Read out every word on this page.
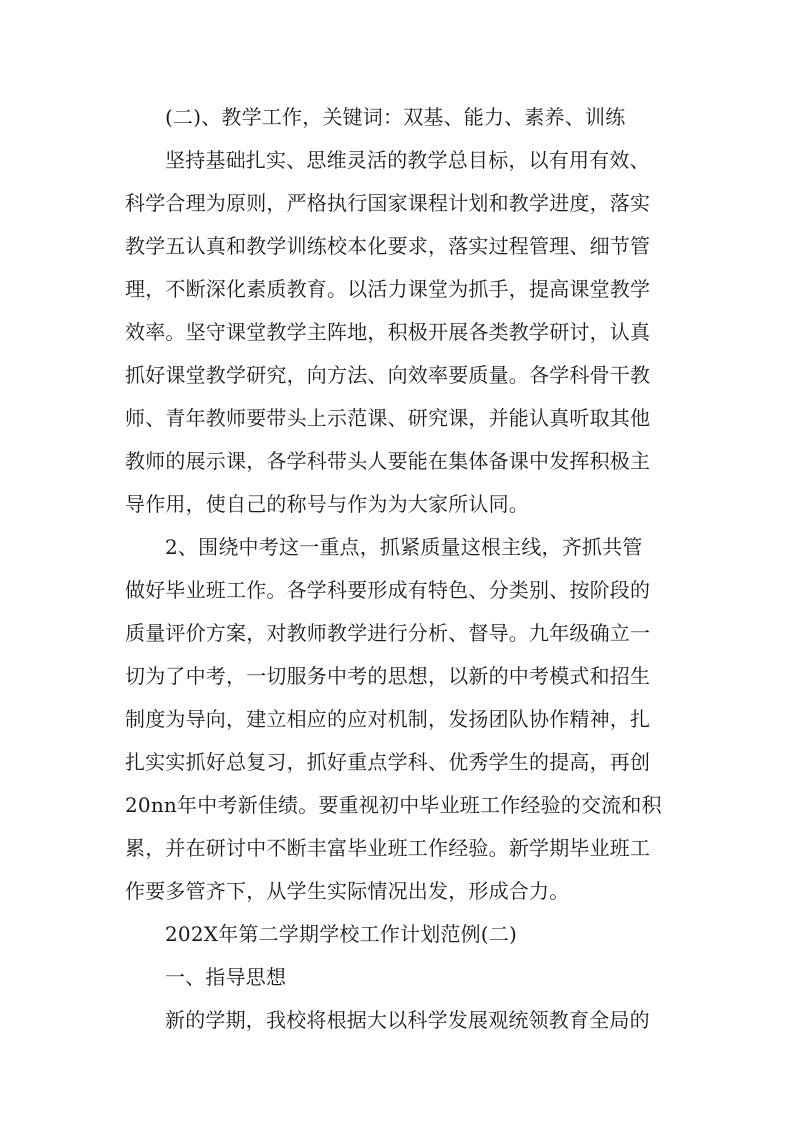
(二)、教学工作，关键词：双基、能力、素养、训练
坚持基础扎实、思维灵活的教学总目标，以有用有效、
科学合理为原则，严格执行国家课程计划和教学进度，落实
教学五认真和教学训练校本化要求，落实过程管理、细节管
理，不断深化素质教育。以活力课堂为抓手，提高课堂教学
效率。坚守课堂教学主阵地，积极开展各类教学研讨，认真
抓好课堂教学研究，向方法、向效率要质量。各学科骨干教
师、青年教师要带头上示范课、研究课，并能认真听取其他
教师的展示课，各学科带头人要能在集体备课中发挥积极主
导作用，使自己的称号与作为为大家所认同。
2、围绕中考这一重点，抓紧质量这根主线，齐抓共管
做好毕业班工作。各学科要形成有特色、分类别、按阶段的
质量评价方案，对教师教学进行分析、督导。九年级确立一
切为了中考，一切服务中考的思想，以新的中考模式和招生
制度为导向，建立相应的应对机制，发扬团队协作精神，扎
扎实实抓好总复习，抓好重点学科、优秀学生的提高，再创
20nn年中考新佳绩。要重视初中毕业班工作经验的交流和积
累，并在研讨中不断丰富毕业班工作经验。新学期毕业班工
作要多管齐下，从学生实际情况出发，形成合力。
202X年第二学期学校工作计划范例(二)
一、指导思想
新的学期，我校将根据大以科学发展观统领教育全局的
